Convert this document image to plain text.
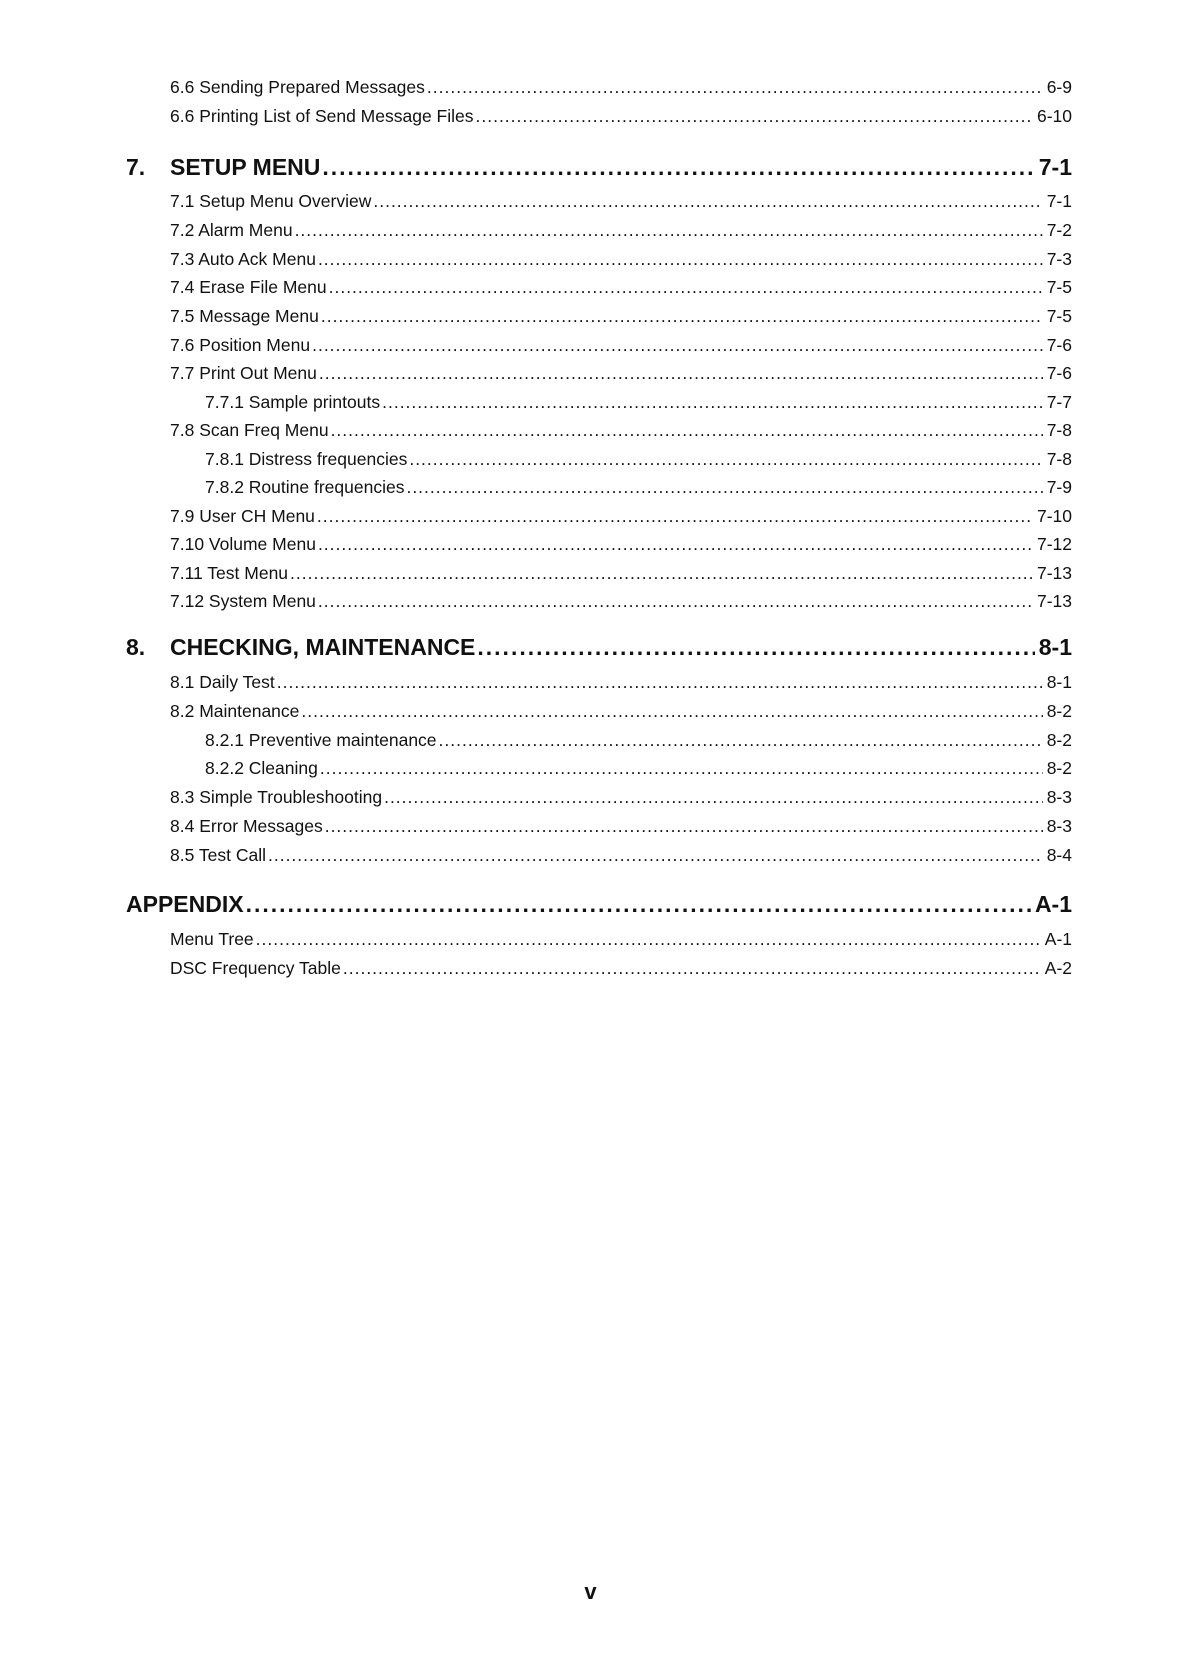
6.6 Sending Prepared Messages .....	6-9
6.6 Printing List of Send Message Files .....	6-10
7. SETUP MENU .....	7-1
7.1 Setup Menu Overview .....	7-1
7.2 Alarm Menu .....	7-2
7.3 Auto Ack Menu .....	7-3
7.4 Erase File Menu .....	7-5
7.5 Message Menu .....	7-5
7.6 Position Menu .....	7-6
7.7 Print Out Menu .....	7-6
7.7.1 Sample printouts .....	7-7
7.8 Scan Freq Menu .....	7-8
7.8.1 Distress frequencies .....	7-8
7.8.2 Routine frequencies .....	7-9
7.9 User CH Menu .....	7-10
7.10 Volume Menu .....	7-12
7.11 Test Menu .....	7-13
7.12 System Menu .....	7-13
8. CHECKING, MAINTENANCE .....	8-1
8.1 Daily Test .....	8-1
8.2 Maintenance .....	8-2
8.2.1 Preventive maintenance .....	8-2
8.2.2 Cleaning .....	8-2
8.3 Simple Troubleshooting .....	8-3
8.4 Error Messages .....	8-3
8.5 Test Call .....	8-4
APPENDIX .....	A-1
Menu Tree .....	A-1
DSC Frequency Table .....	A-2
v
